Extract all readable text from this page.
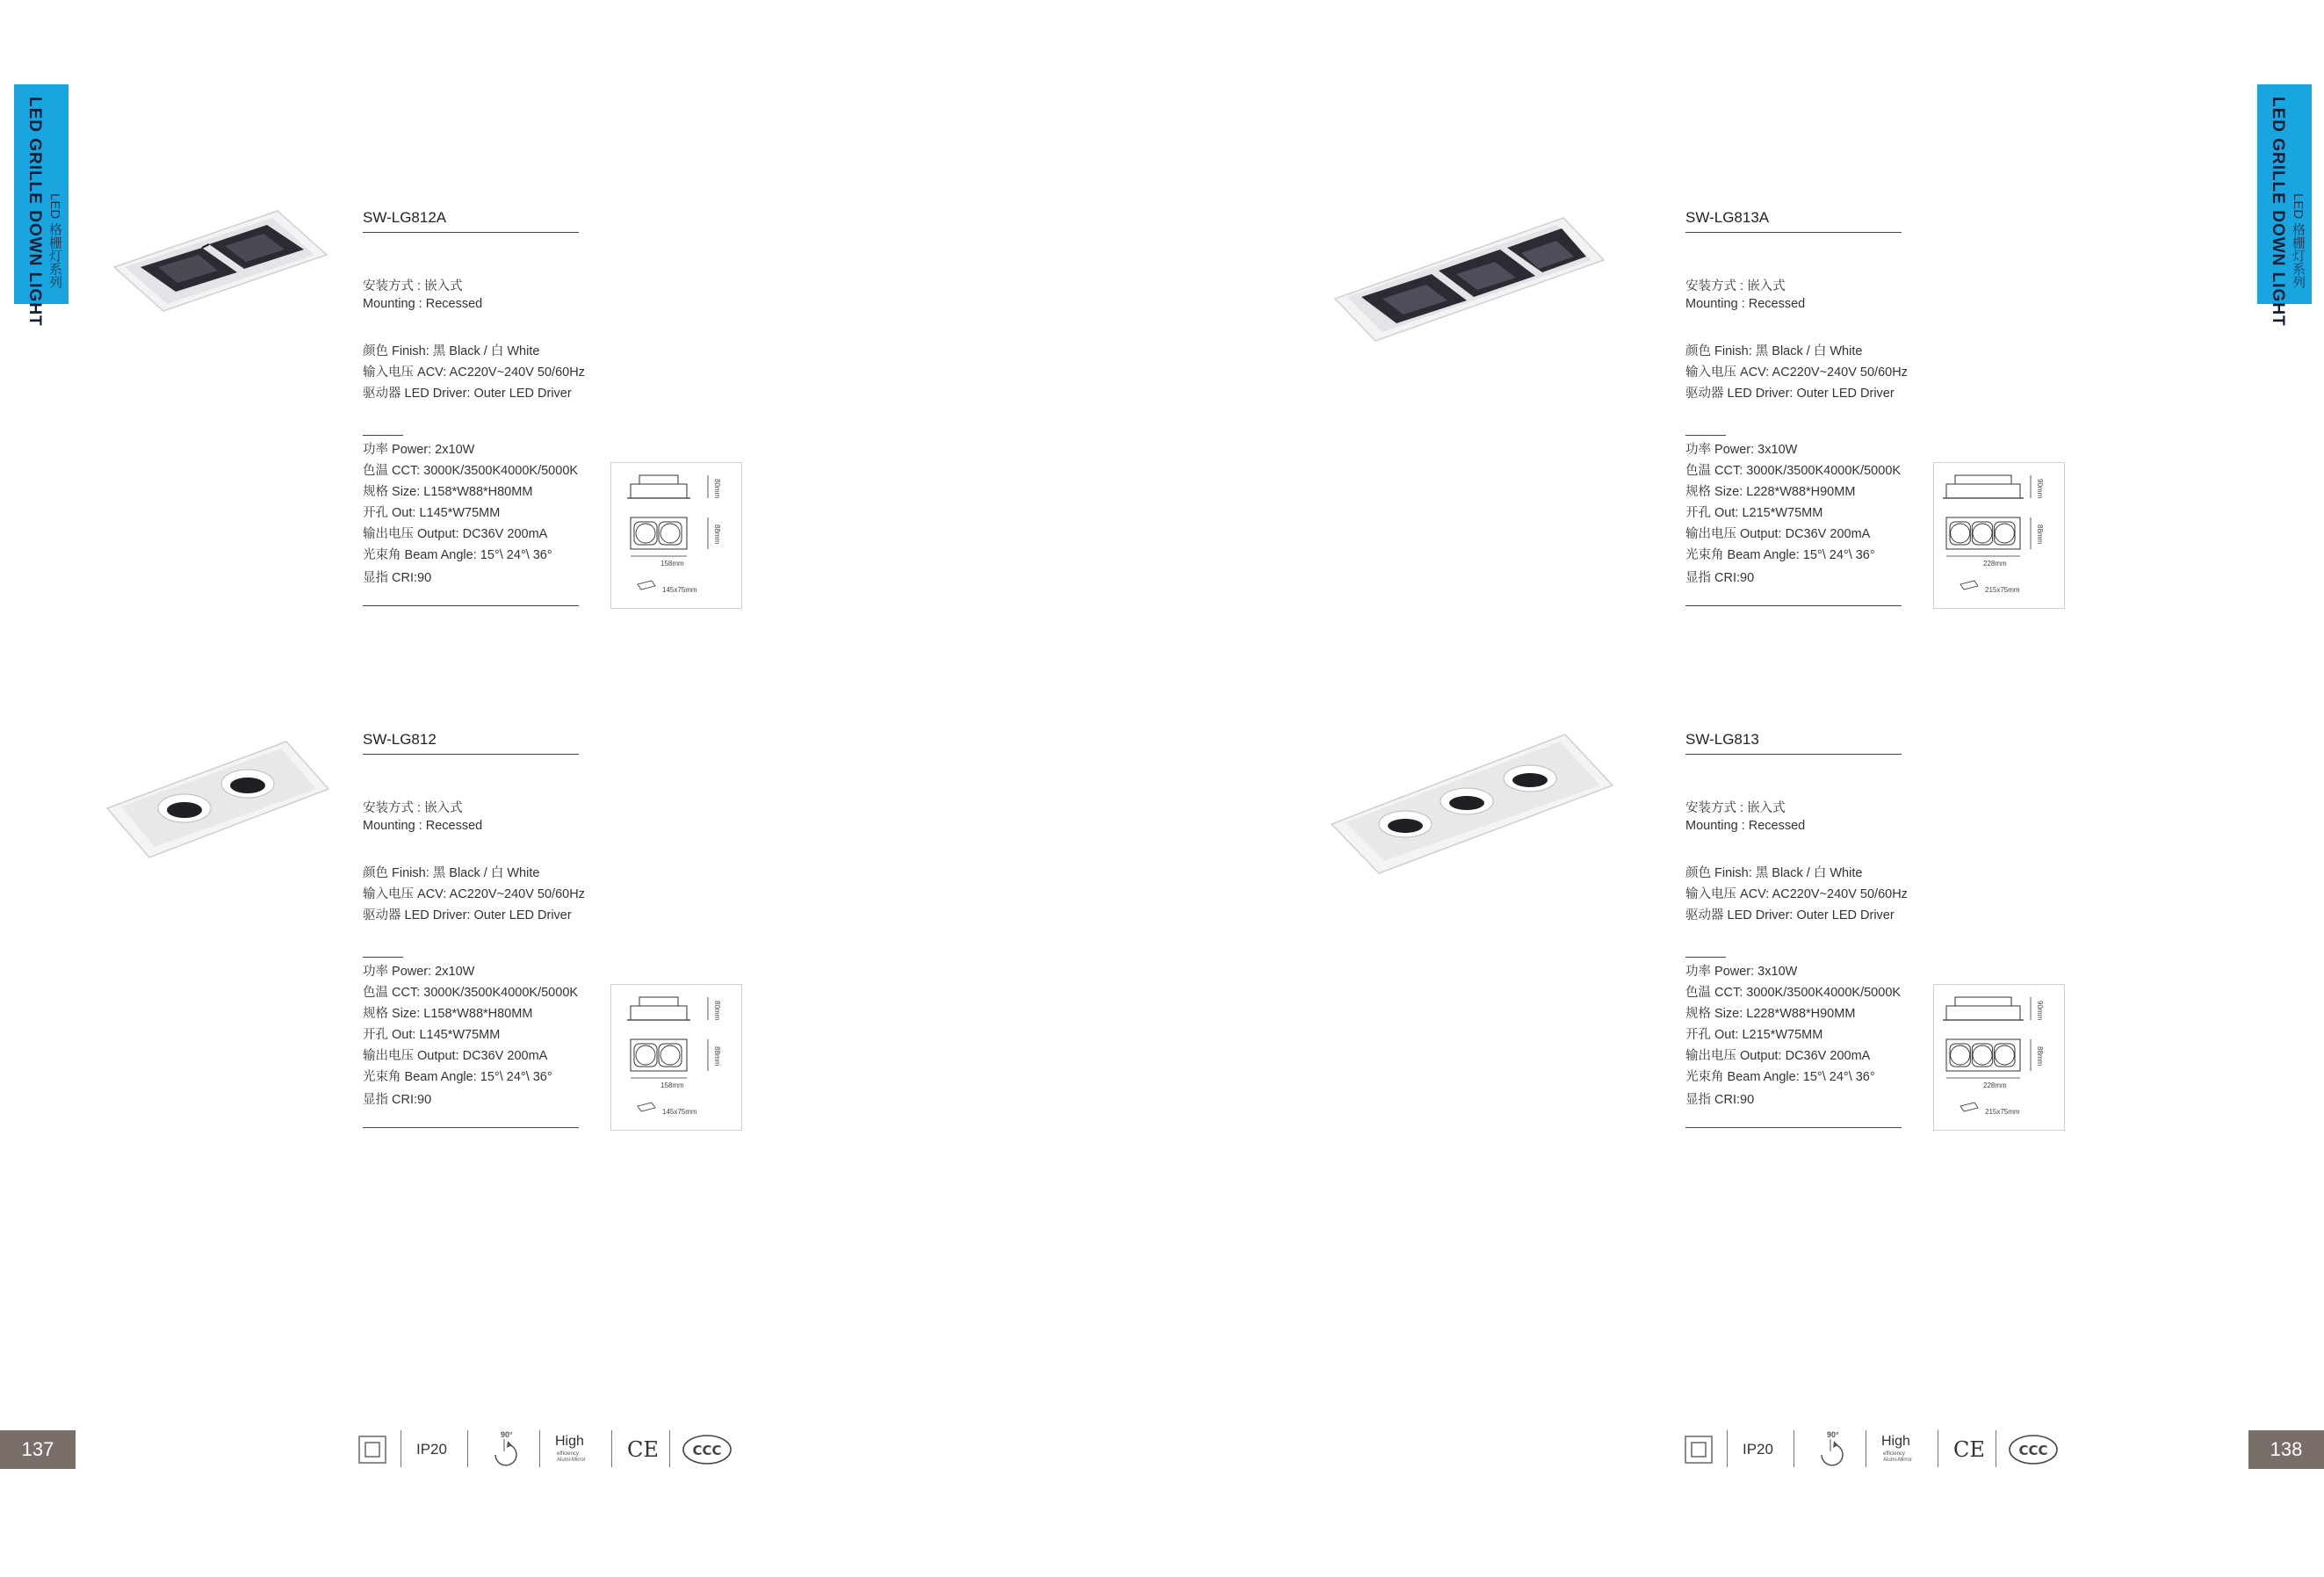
LED GRILLE DOWN LIGHT LED 格栅灯系列	LED GRILLE DOWN LIGHT LED 格栅灯系列
SW-LG812A
安装方式 : 嵌入式
Mounting : Recessed
颜色 Finish: 黑 Black / 白 White
输入电压 ACV: AC220V~240V 50/60Hz
驱动器 LED Driver: Outer LED Driver
功率 Power: 2x10W
色温 CCT: 3000K/3500K4000K/5000K
规格 Size: L158*W88*H80MM
开孔 Out: L145*W75MM
输出电压 Output: DC36V 200mA
光束角 Beam Angle: 15°\ 24°\ 36°
显指 CRI:90
80mm
88mm
158mm
145x75mm
SW-LG813A
安装方式 : 嵌入式
Mounting : Recessed
颜色 Finish: 黑 Black / 白 White
输入电压 ACV: AC220V~240V 50/60Hz
驱动器 LED Driver: Outer LED Driver
功率 Power: 3x10W
色温 CCT: 3000K/3500K4000K/5000K
规格 Size: L228*W88*H90MM
开孔 Out: L215*W75MM
输出电压 Output: DC36V 200mA
光束角 Beam Angle: 15°\ 24°\ 36°
显指 CRI:90
90mm
88mm
228mm
215x75mm
SW-LG812
安装方式 : 嵌入式
Mounting : Recessed
颜色 Finish: 黑 Black / 白 White
输入电压 ACV: AC220V~240V 50/60Hz
驱动器 LED Driver: Outer LED Driver
功率 Power: 2x10W
色温 CCT: 3000K/3500K4000K/5000K
规格 Size: L158*W88*H80MM
开孔 Out: L145*W75MM
输出电压 Output: DC36V 200mA
光束角 Beam Angle: 15°\ 24°\ 36°
显指 CRI:90
80mm
88mm
158mm
145x75mm
SW-LG813
安装方式 : 嵌入式
Mounting : Recessed
颜色 Finish: 黑 Black / 白 White
输入电压 ACV: AC220V~240V 50/60Hz
驱动器 LED Driver: Outer LED Driver
功率 Power: 3x10W
色温 CCT: 3000K/3500K4000K/5000K
规格 Size: L228*W88*H90MM
开孔 Out: L215*W75MM
输出电压 Output: DC36V 200mA
光束角 Beam Angle: 15°\ 24°\ 36°
显指 CRI:90
90mm
88mm
228mm
215x75mm
137	138
IP20
90°	High
efficiency
Alumi-Mirror CE	CCC	IP20
90°	High
efficiency
Alumi-Mirror CE	CCC
